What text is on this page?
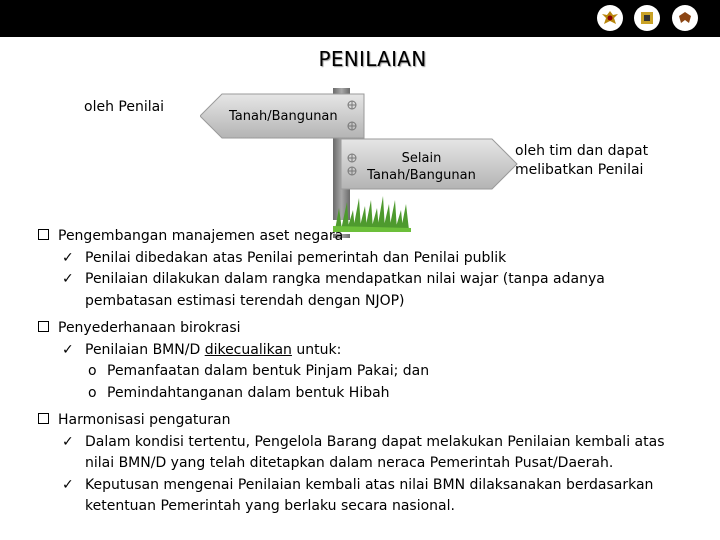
PENILAIAN
oleh Penilai
Tanah/Bangunan
Selain
Tanah/Bangunan
oleh tim dan dapat
melibatkan Penilai
Pengembangan manajemen aset negara
✓ Penilai dibedakan atas Penilai pemerintah dan Penilai publik
✓ Penilaian dilakukan dalam rangka mendapatkan nilai wajar (tanpa adanya
pembatasan estimasi terendah dengan NJOP)
Penyederhanaan birokrasi
✓ Penilaian BMN/D dikecualikan untuk:
o Pemanfaatan dalam bentuk Pinjam Pakai; dan
o Pemindahtanganan dalam bentuk Hibah
Harmonisasi pengaturan
✓ Dalam kondisi tertentu, Pengelola Barang dapat melakukan Penilaian kembali atas
nilai BMN/D yang telah ditetapkan dalam neraca Pemerintah Pusat/Daerah.
✓ Keputusan mengenai Penilaian kembali atas nilai BMN dilaksanakan berdasarkan
ketentuan Pemerintah yang berlaku secara nasional.
